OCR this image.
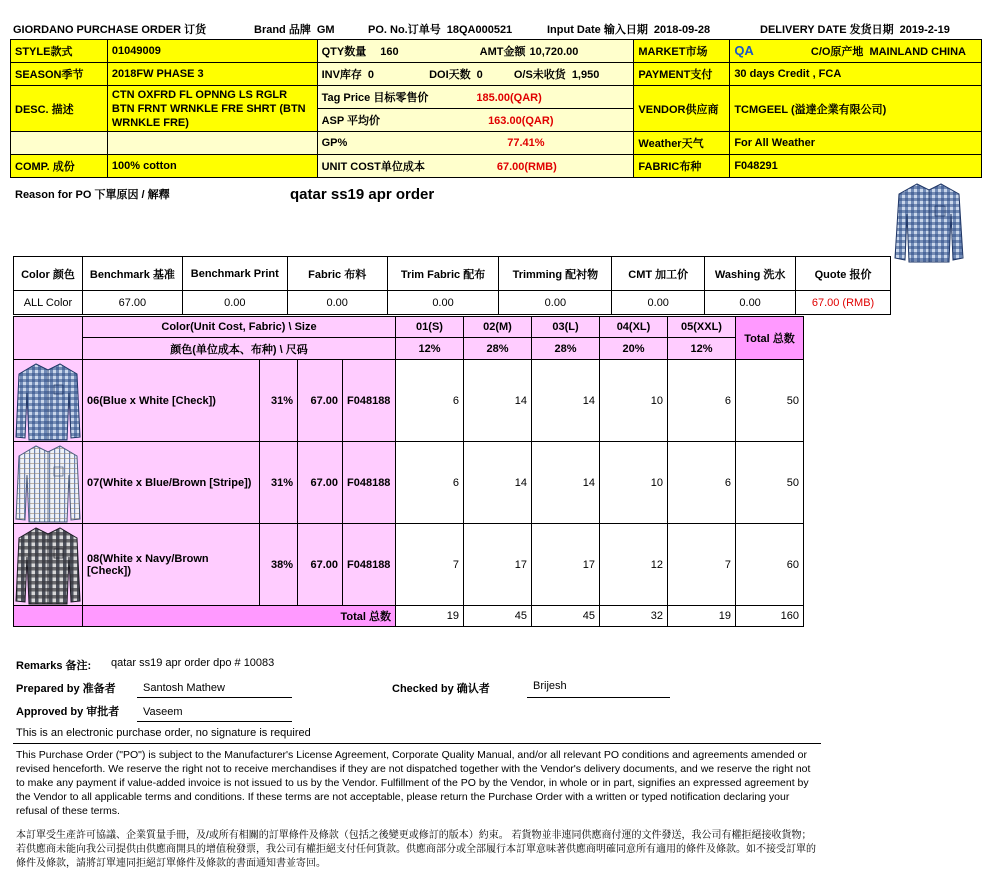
GIORDANO PURCHASE ORDER 订货	Brand 品牌 GM	PO. No.订单号 18QA000521	Input Date 输入日期 2018-09-28	DELIVERY DATE 发货日期 2019-2-19
STYLE款式	01049009	QTY数量 160 AMT金额 10,720.00	MARKET市场	QA C/O原产地 MAINLAND CHINA
SEASON季节	2018FW PHASE 3	INV库存 0 DOI天数 0 O/S未收货 1,950	PAYMENT支付	30 days Credit , FCA
DESC. 描述	CTN OXFRD FL OPNNG LS RGLR BTN FRNT WRNKLE FRE SHRT (BTN WRNKLE FRE)	Tag Price 目标零售价 185.00(QAR)	VENDOR供应商	TCMGEEL (溢達企業有限公司)
		ASP 平均价 163.00(QAR)		
		GP% 77.41%	Weather天气	For All Weather
COMP. 成份	100% cotton	UNIT COST单位成本 67.00(RMB)	FABRIC布种	F048291
Reason for PO 下單原因 / 解釋	qatar ss19 apr order
Color 颜色	Benchmark 基准	Benchmark Print	Fabric 布料	Trim Fabric 配布	Trimming 配衬物	CMT 加工价	Washing 洗水	Quote 报价
ALL Color	67.00	0.00	0.00	0.00	0.00	0.00	0.00	67.00 (RMB)
	Color(Unit Cost, Fabric) \ Size				01(S)	02(M)	03(L)	04(XL)	05(XXL)	Total 总数
	颜色(单位成本、布种) \ 尺码				12%	28%	28%	20%	12%	

	06(Blue x White [Check])	31%	67.00	F048188	6	14	14	10	6	50

	07(White x Blue/Brown [Stripe])	31%	67.00	F048188	6	14	14	10	6	50

	08(White x Navy/Brown [Check])	38%	67.00	F048188	7	17	17	12	7	60
	Total 总数				19	45	45	32	19	160
Remarks 备注: qatar ss19 apr order dpo # 10083
Prepared by 准备者 Santosh Mathew	Checked by 确认者	Brijesh
Approved by 审批者 Vaseem
This is an electronic purchase order, no signature is required
This Purchase Order ("PO") is subject to the Manufacturer's License Agreement, Corporate Quality Manual, and/or all relevant PO conditions and agreements amended or revised henceforth. We reserve the right not to receive merchandises if they are not dispatched together with the Vendor's delivery documents, and we reserve the right not to make any payment if value-added invoice is not issued to us by the Vendor. Fulfillment of the PO by the Vendor, in whole or in part, signifies an expressed agreement by the Vendor to all applicable terms and conditions. If these terms are not acceptable, please return the Purchase Order with a written or typed notification declaring your refusal of these terms.
本訂單受生產許可協議、企業質量手冊，及/或所有相關的訂單條件及條款（包括之後變更或修訂的版本）約束。 若貨物並非連同供應商付運的文件發送，我公司有權拒絕接收貨物；若供應商未能向我公司提供由供應商開具的增值稅發票，我公司有權拒絕支付任何貨款。供應商部分或全部履行本訂單意味著供應商明確同意所有適用的條件及條款。如不接受訂單的條件及條款，請將訂單連同拒絕訂單條件及條款的書面通知書並寄回。
